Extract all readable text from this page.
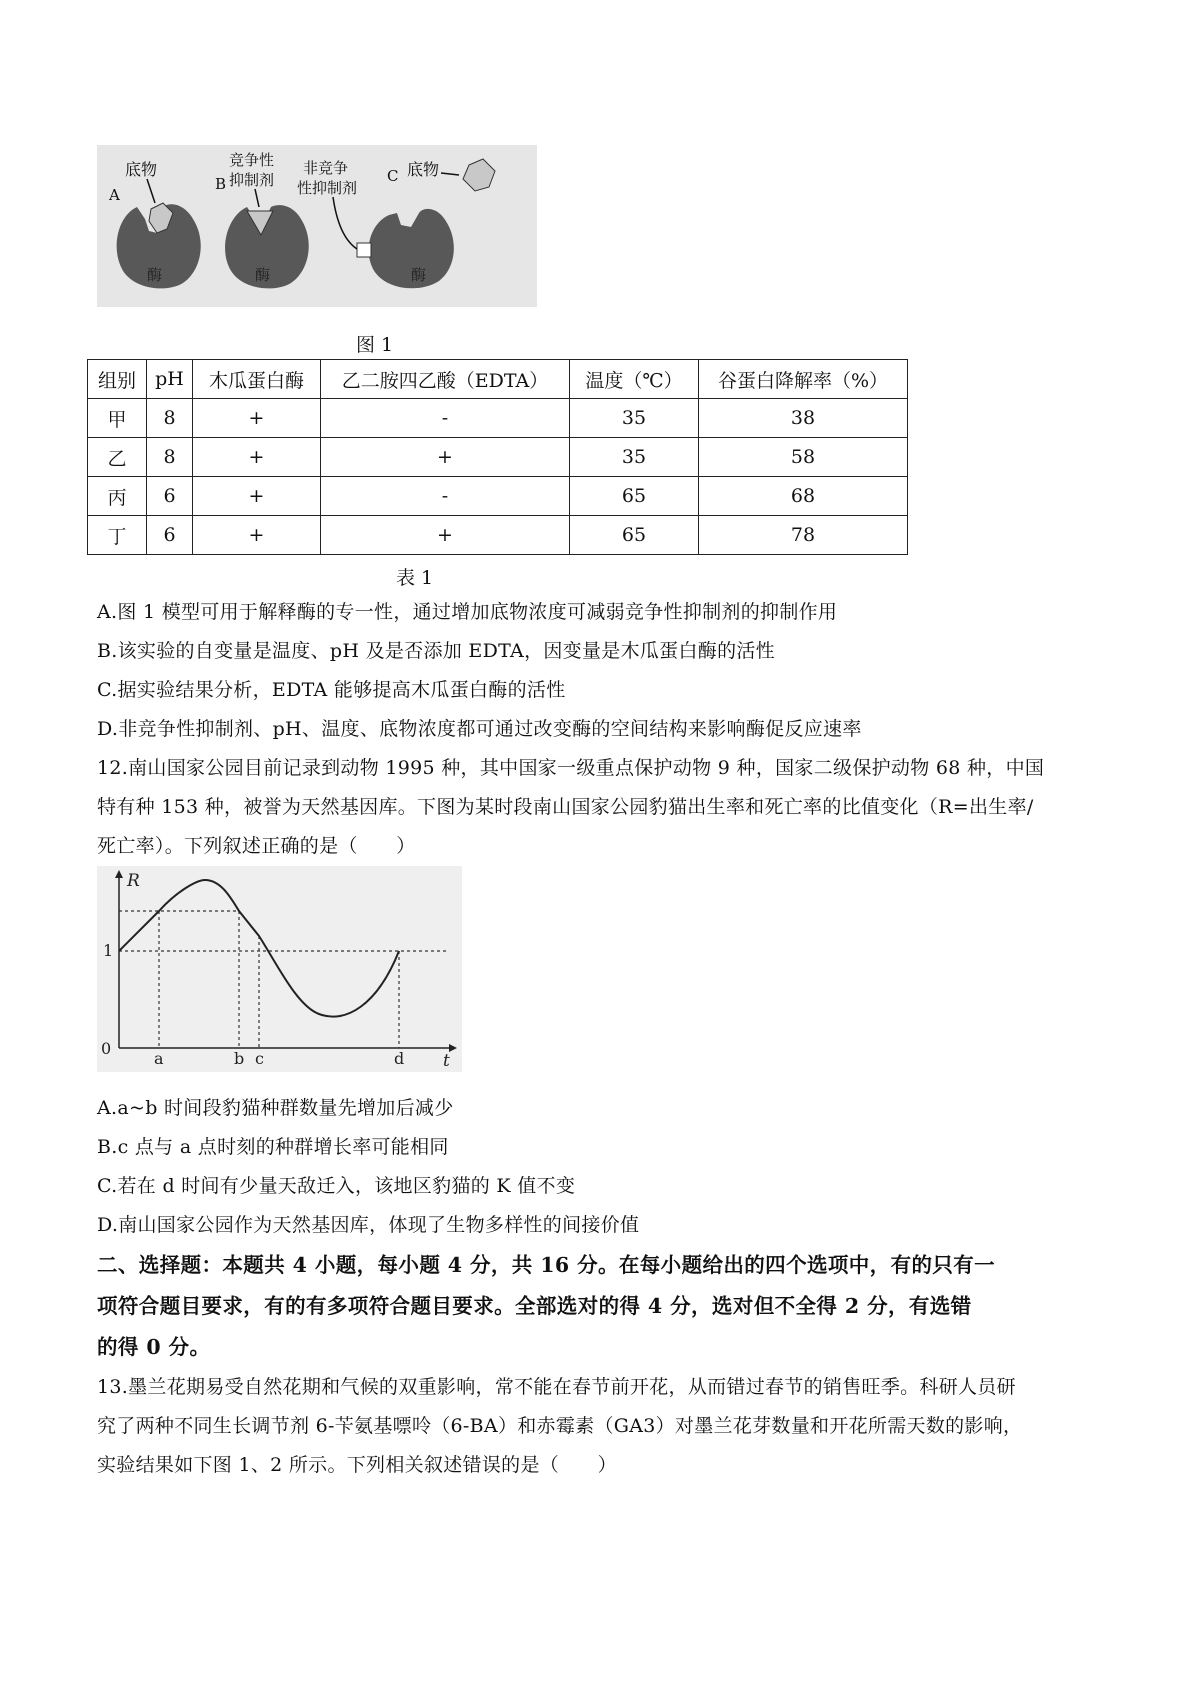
A
底物
酶
B
竞争性
抑制剂
酶
非竞争
性抑制剂
C 底物
酶
图 1
组别	pH	木瓜蛋白酶	乙二胺四乙酸（EDTA）	温度（℃）	谷蛋白降解率（%）
甲	8	+	-	35	38
乙	8	+	+	35	58
丙	6	+	-	65	68
丁	6	+	+	65	78
表 1
A.图 1 模型可用于解释酶的专一性，通过增加底物浓度可减弱竞争性抑制剂的抑制作用
B.该实验的自变量是温度、pH 及是否添加 EDTA，因变量是木瓜蛋白酶的活性
C.据实验结果分析，EDTA 能够提高木瓜蛋白酶的活性
D.非竞争性抑制剂、pH、温度、底物浓度都可通过改变酶的空间结构来影响酶促反应速率
12.南山国家公园目前记录到动物 1995 种，其中国家一级重点保护动物 9 种，国家二级保护动物 68 种，中国
特有种 153 种，被誉为天然基因库。下图为某时段南山国家公园豹猫出生率和死亡率的比值变化（R=出生率/
死亡率）。下列叙述正确的是（　　）
R
t
0
1
a	b c	d
A.a~b 时间段豹猫种群数量先增加后减少
B.c 点与 a 点时刻的种群增长率可能相同
C.若在 d 时间有少量天敌迁入，该地区豹猫的 K 值不变
D.南山国家公园作为天然基因库，体现了生物多样性的间接价值
二、选择题：本题共 4 小题，每小题 4 分，共 16 分。在每小题给出的四个选项中，有的只有一
项符合题目要求，有的有多项符合题目要求。全部选对的得 4 分，选对但不全得 2 分，有选错
的得 0 分。
13.墨兰花期易受自然花期和气候的双重影响，常不能在春节前开花，从而错过春节的销售旺季。科研人员研
究了两种不同生长调节剂 6-苄氨基嘌呤（6-BA）和赤霉素（GA3）对墨兰花芽数量和开花所需天数的影响，
实验结果如下图 1、2 所示。下列相关叙述错误的是（　　）
